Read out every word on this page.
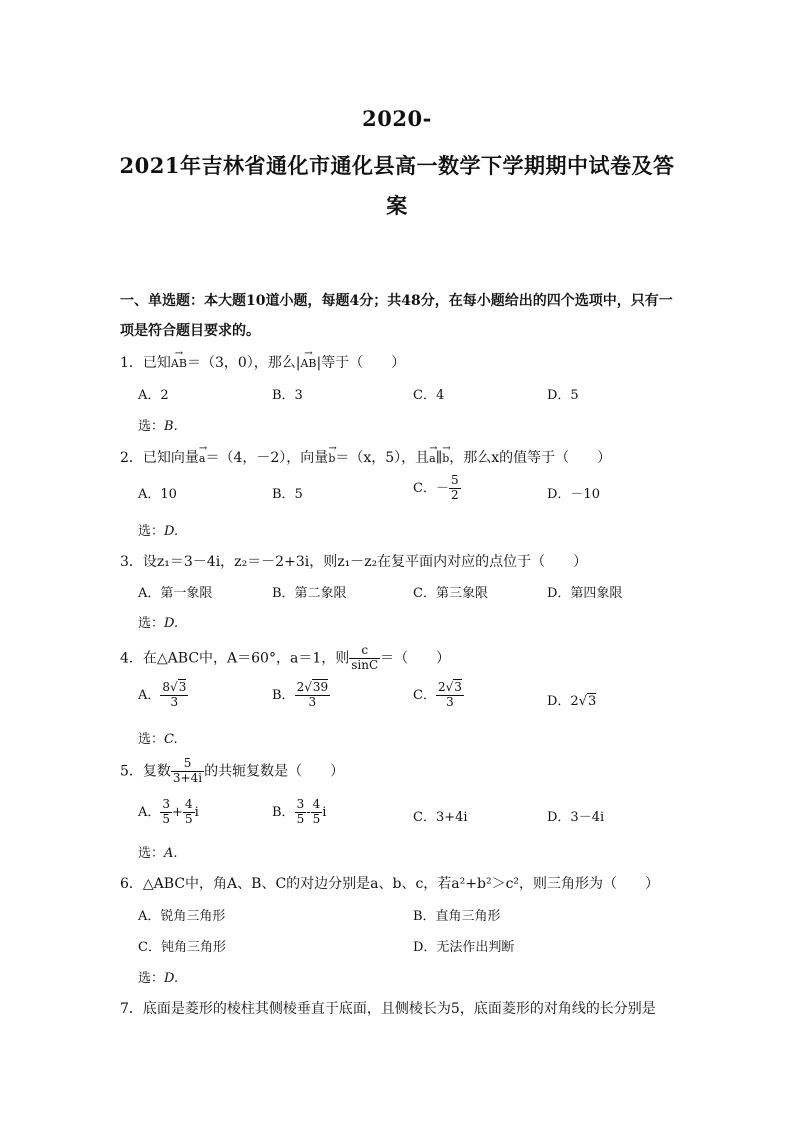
2020-
2021年吉林省通化市通化县高一数学下学期期中试卷及答
案
一、单选题：本大题10道小题，每题4分；共48分，在每小题给出的四个选项中，只有一
项是符合题目要求的。
1．已知→ AB＝（3，0），那么|→ AB|等于（　　）
A．2	B．3	C．4	D．5
选：B.
2．已知向量→ a＝（4，－2），向量→ b＝（x，5），且→ a∥→ b，那么x的值等于（　　）
A．10	B．5	C．－ $\frac{5}{2}$	D．－10
选：D.
3．设z₁＝3－4i，z₂＝－2+3i，则z₁－z₂在复平面内对应的点位于（　　）
A．第一象限	B．第二象限	C．第三象限	D．第四象限
选：D.
4．在△ABC中，A＝60°，a＝1，则 $\frac{c}{\sin C}$ ＝（　　）
A． $\frac{8√3}{3}$	B． $\frac{2√39}{3}$	C． $\frac{2√3}{3}$	D．2√3
选：C.
5．复数 $\frac{5}{3+4i}$ 的共轭复数是（　　）
A． $\frac{3}{5} + \frac{4}{5}$ i	B． $\frac{3}{5} - \frac{4}{5}$ i	C．3+4i	D．3－4i
选：A.
6．△ABC中，角A、B、C的对边分别是a、b、c，若a²+b²＞c²，则三角形为（　　）
A．锐角三角形	B．直角三角形
C．钝角三角形	D．无法作出判断
选：D.
7．底面是菱形的棱柱其侧棱垂直于底面，且侧棱长为5，底面菱形的对角线的长分别是
